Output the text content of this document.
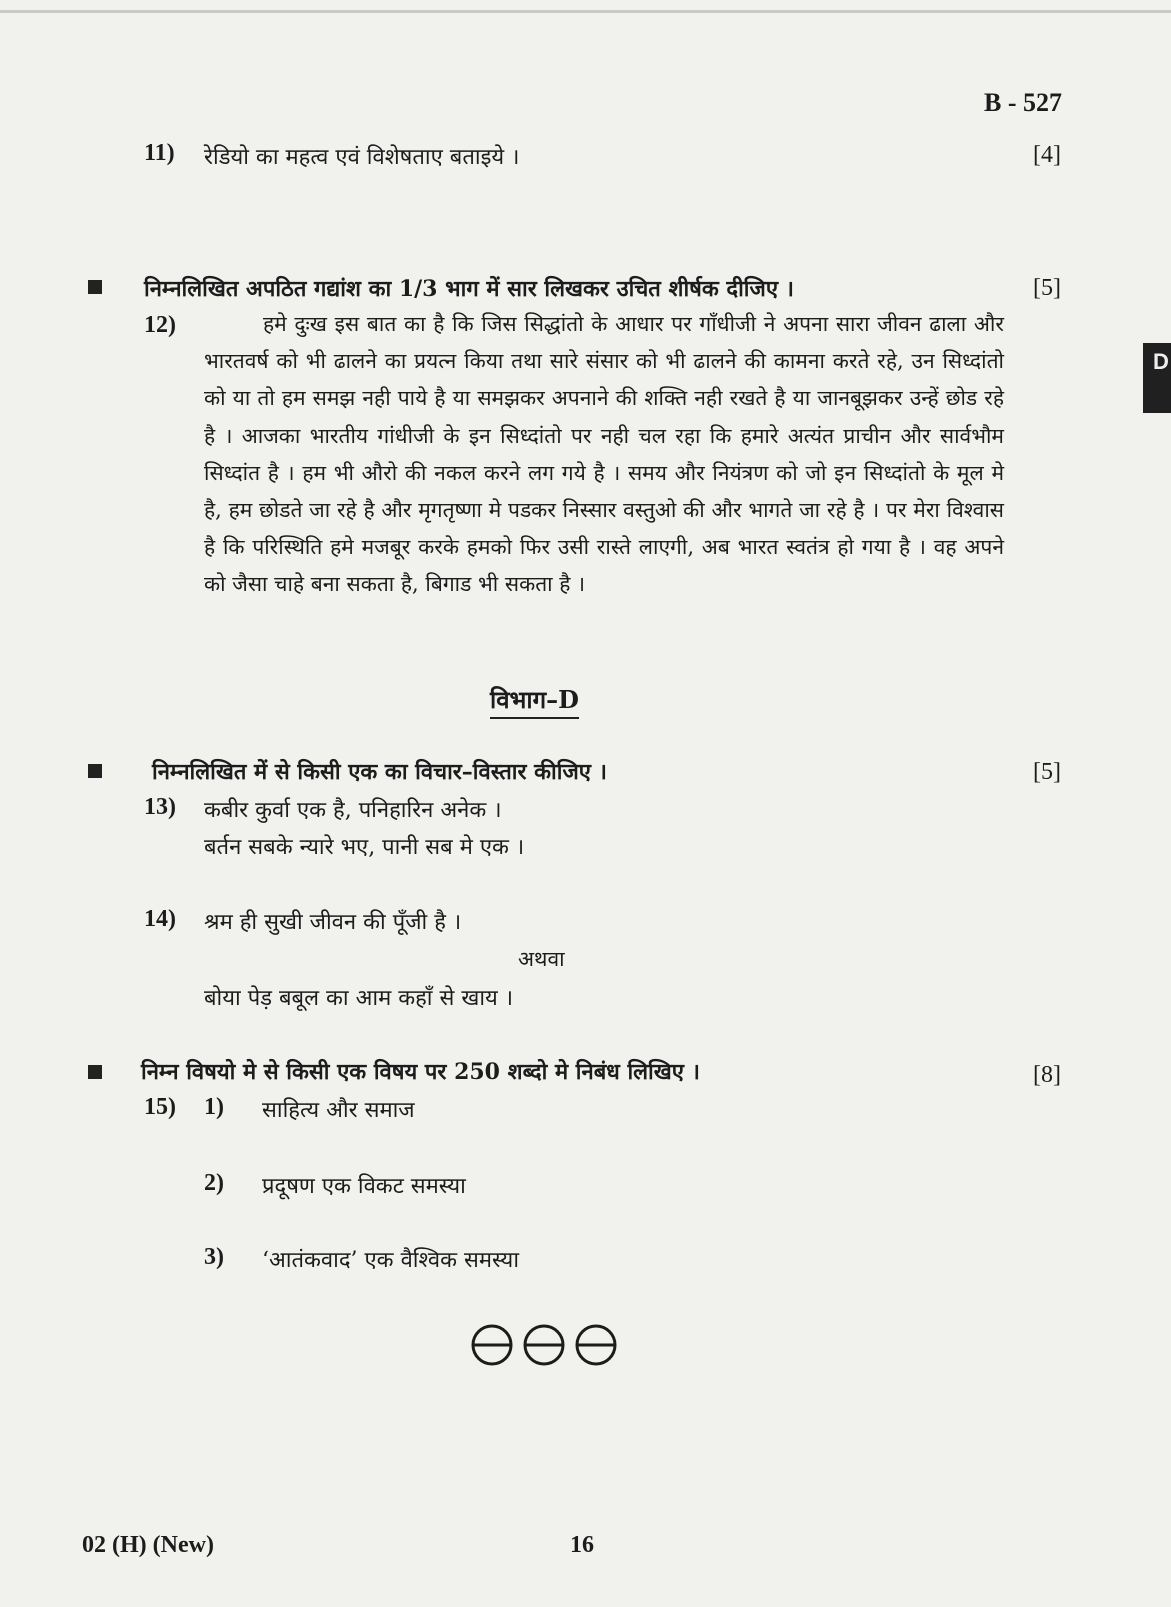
D
B - 527
11) रेडियो का महत्व एवं विशेषताए बताइये ।	[4]
निम्नलिखित अपठित गद्यांश का 1/3 भाग में सार लिखकर उचित शीर्षक दीजिए ।	[5]
12)	हमे दुःख इस बात का है कि जिस सिद्धांतो के आधार पर गाँधीजी ने अपना सारा जीवन ढाला और भारतवर्ष को भी ढालने का प्रयत्न किया तथा सारे संसार को भी ढालने की कामना करते रहे, उन सिध्दांतो को या तो हम समझ नही पाये है या समझकर अपनाने की शक्ति नही रखते है या जानबूझकर उन्हें छोड रहे है । आजका भारतीय गांधीजी के इन सिध्दांतो पर नही चल रहा कि हमारे अत्यंत प्राचीन और सार्वभौम सिध्दांत है । हम भी औरो की नकल करने लग गये है । समय और नियंत्रण को जो इन सिध्दांतो के मूल मे है, हम छोडते जा रहे है और मृगतृष्णा मे पडकर निस्सार वस्तुओ की और भागते जा रहे है । पर मेरा विश्वास है कि परिस्थिति हमे मजबूर करके हमको फिर उसी रास्ते लाएगी, अब भारत स्वतंत्र हो गया है । वह अपने को जैसा चाहे बना सकता है, बिगाड भी सकता है ।
विभाग–D
निम्नलिखित में से किसी एक का विचार–विस्तार कीजिए ।	[5]
13) कबीर कुर्वा एक है, पनिहारिन अनेक ।
बर्तन सबके न्यारे भए, पानी सब मे एक ।
14) श्रम ही सुखी जीवन की पूँजी है ।
अथवा
बोया पेड़ बबूल का आम कहाँ से खाय ।
निम्न विषयो मे से किसी एक विषय पर 250 शब्दो मे निबंध लिखिए ।	[8]
15) 1) साहित्य और समाज
2) प्रदूषण एक विकट समस्या
3) ‘आतंकवाद’ एक वैश्विक समस्या
02 (H) (New)	16
